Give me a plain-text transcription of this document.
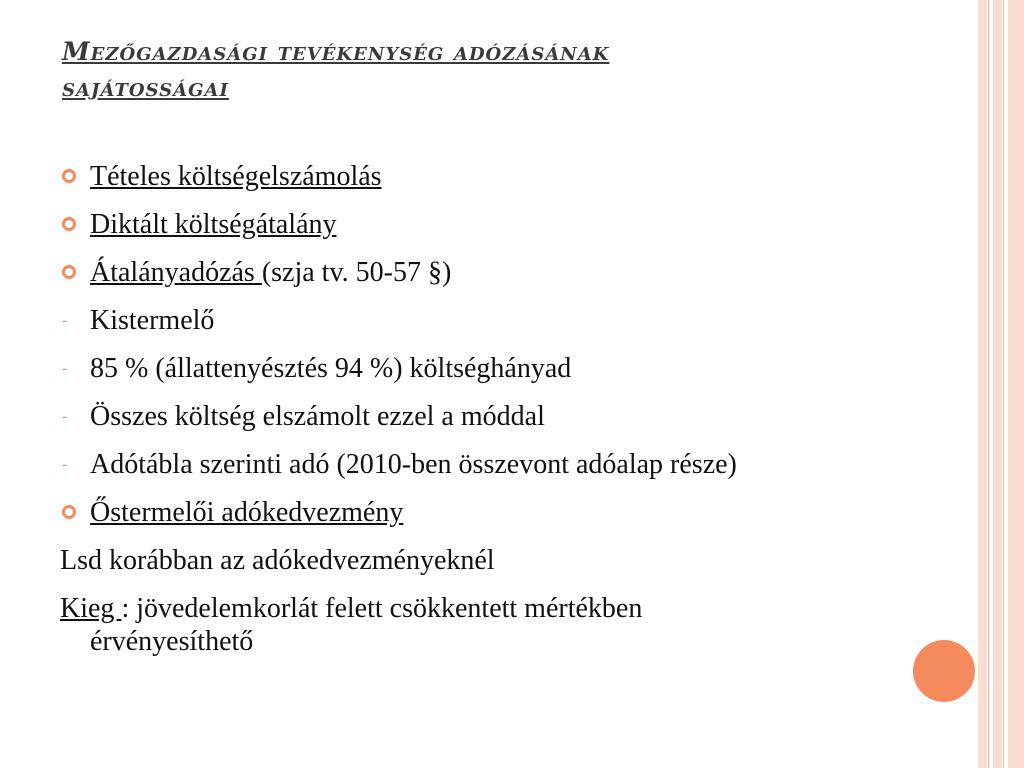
Mezőgazdasági tevékenység adózásának
sajátosságai
Tételes költségelszámolás
Diktált költségátalány
Átalányadózás (szja tv. 50-57 §)
- Kistermelő
- 85 % (állattenyésztés 94 %) költséghányad
- Összes költség elszámolt ezzel a móddal
- Adótábla szerinti adó (2010-ben összevont adóalap része)
Őstermelői adókedvezmény
Lsd korábban az adókedvezményeknél
Kieg : jövedelemkorlát felett csökkentett mértékben érvényesíthető
